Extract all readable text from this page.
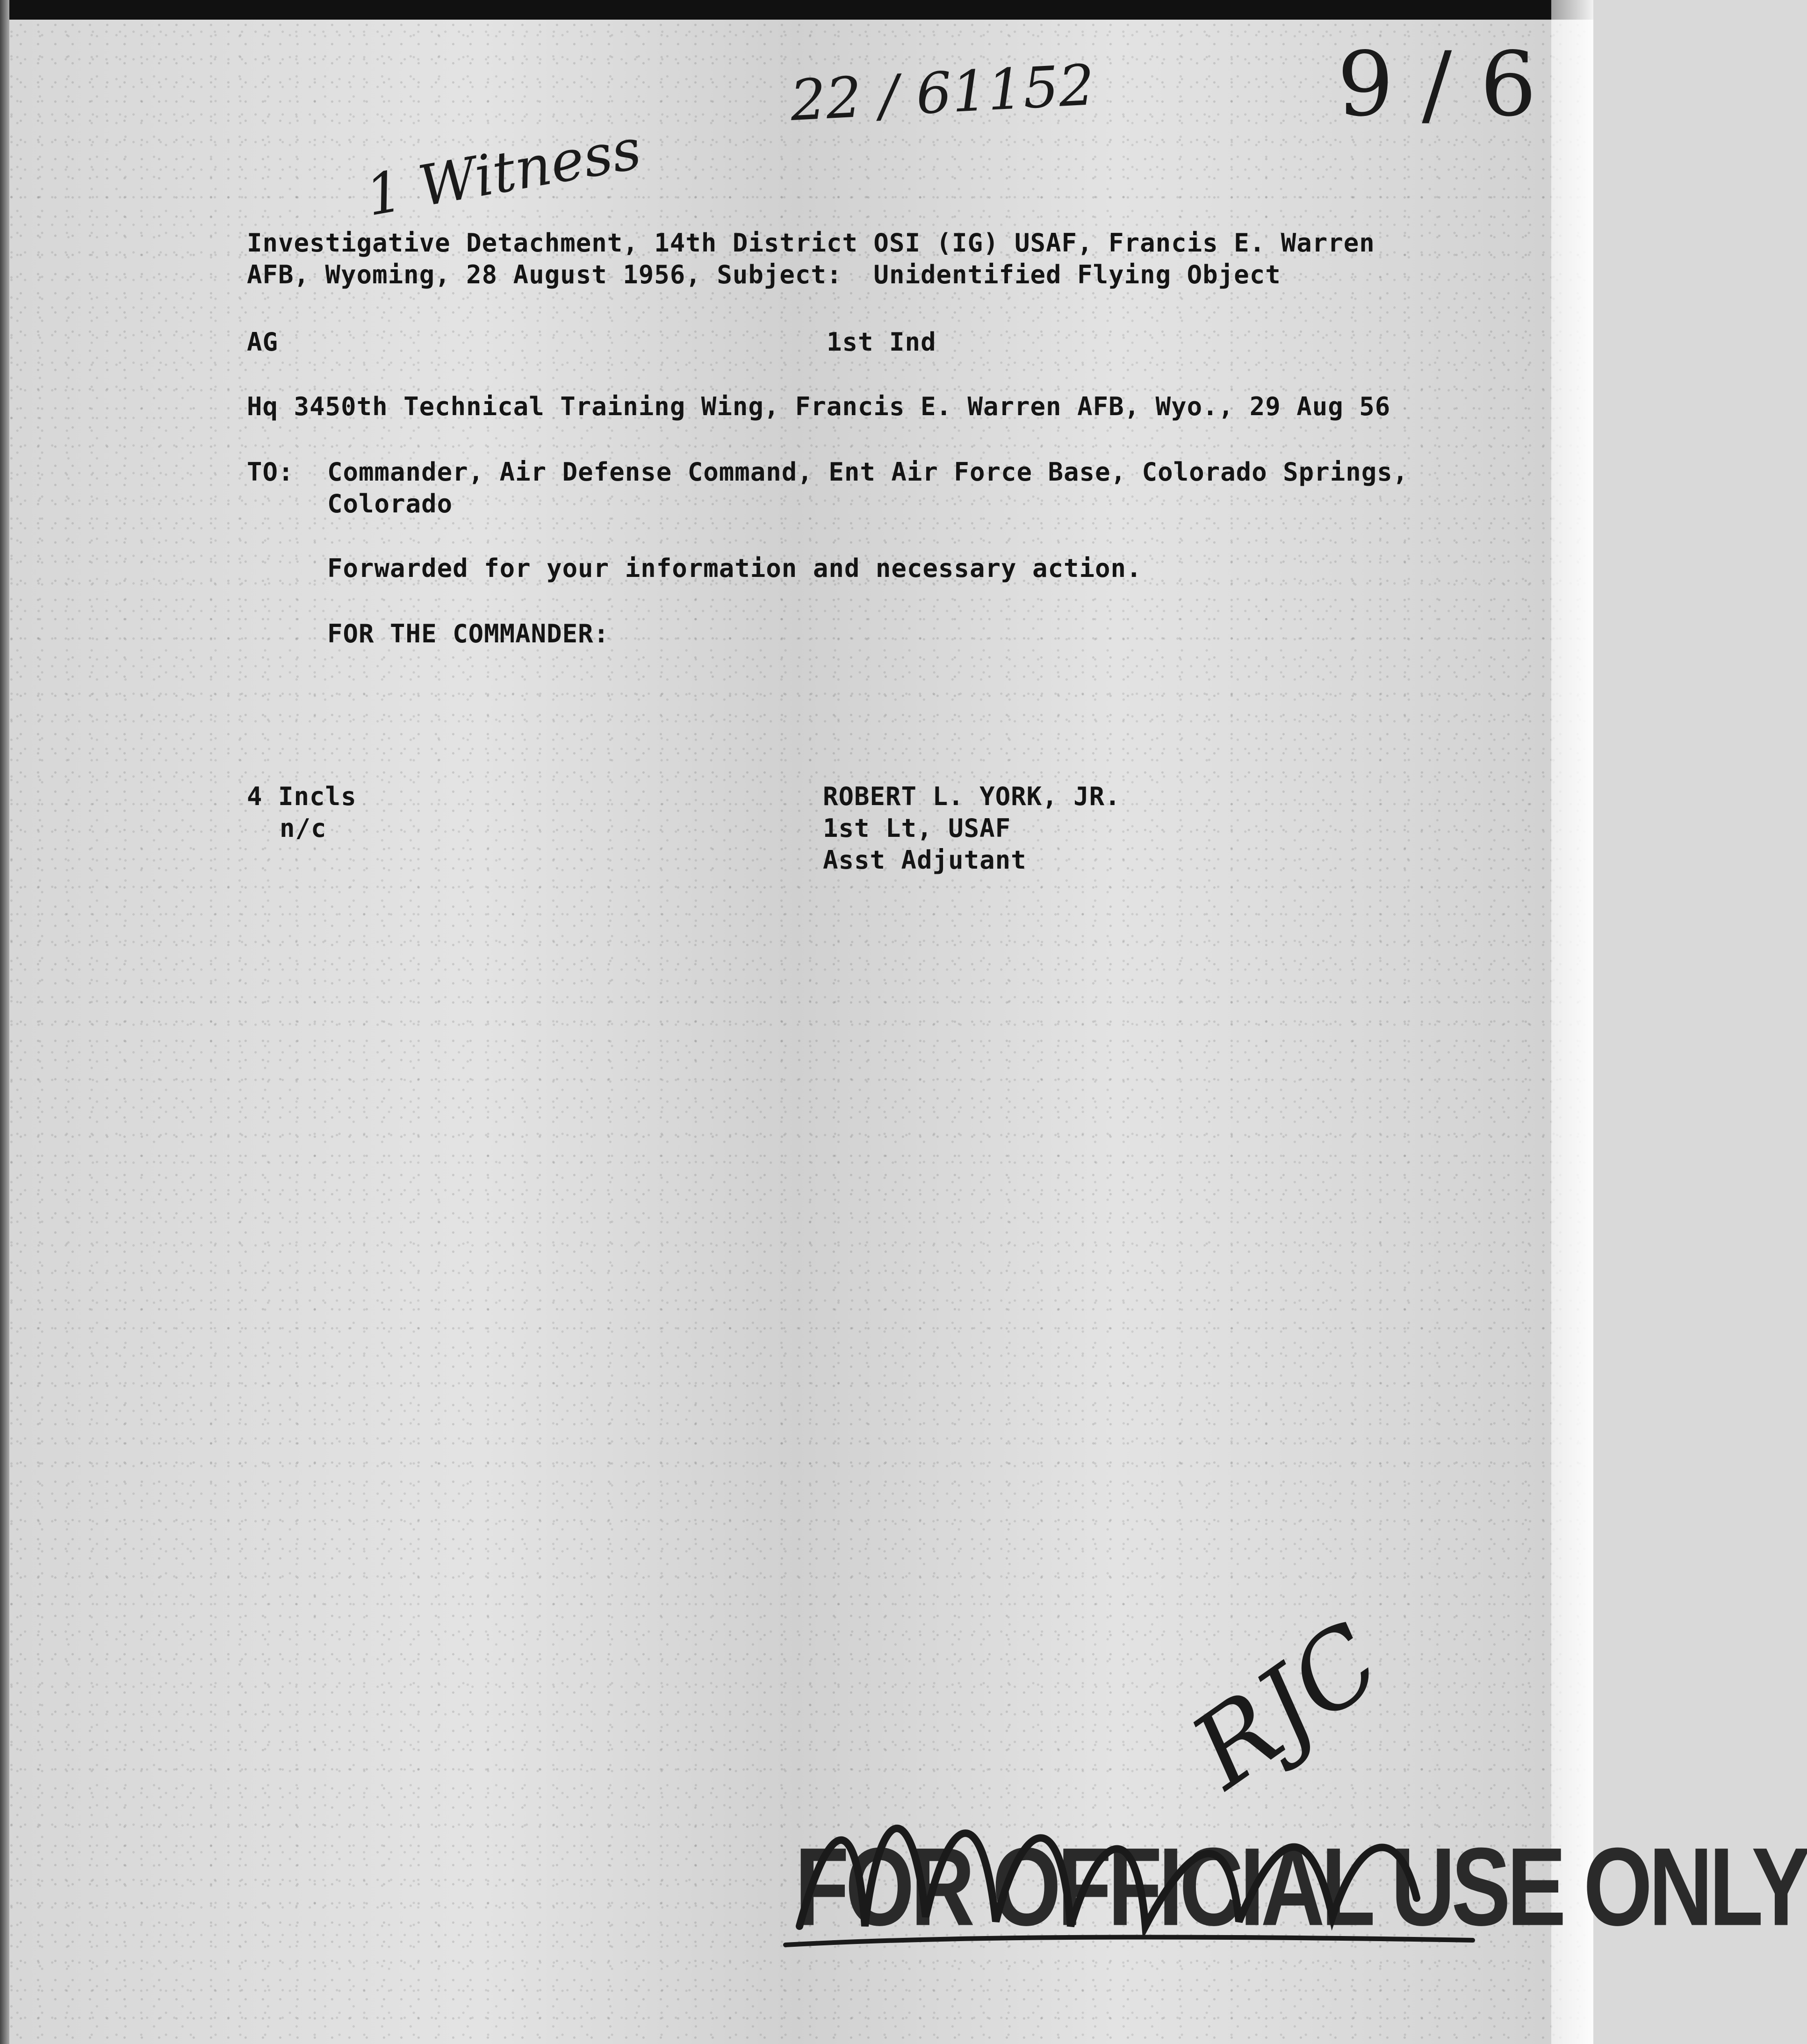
22 / 61152	9 / 6
1 Witness
Investigative Detachment, 14th District OSI (IG) USAF, Francis E. Warren
AFB, Wyoming, 28 August 1956, Subject:  Unidentified Flying Object
AG	1st Ind
Hq 3450th Technical Training Wing, Francis E. Warren AFB, Wyo., 29 Aug 56
TO: Commander, Air Defense Command, Ent Air Force Base, Colorado Springs,
Colorado
Forwarded for your information and necessary action.
FOR THE COMMANDER:
4 Incls
n/c
ROBERT L. YORK, JR.
1st Lt, USAF
Asst Adjutant
FOR OFFICIAL USE ONLY
RJC
